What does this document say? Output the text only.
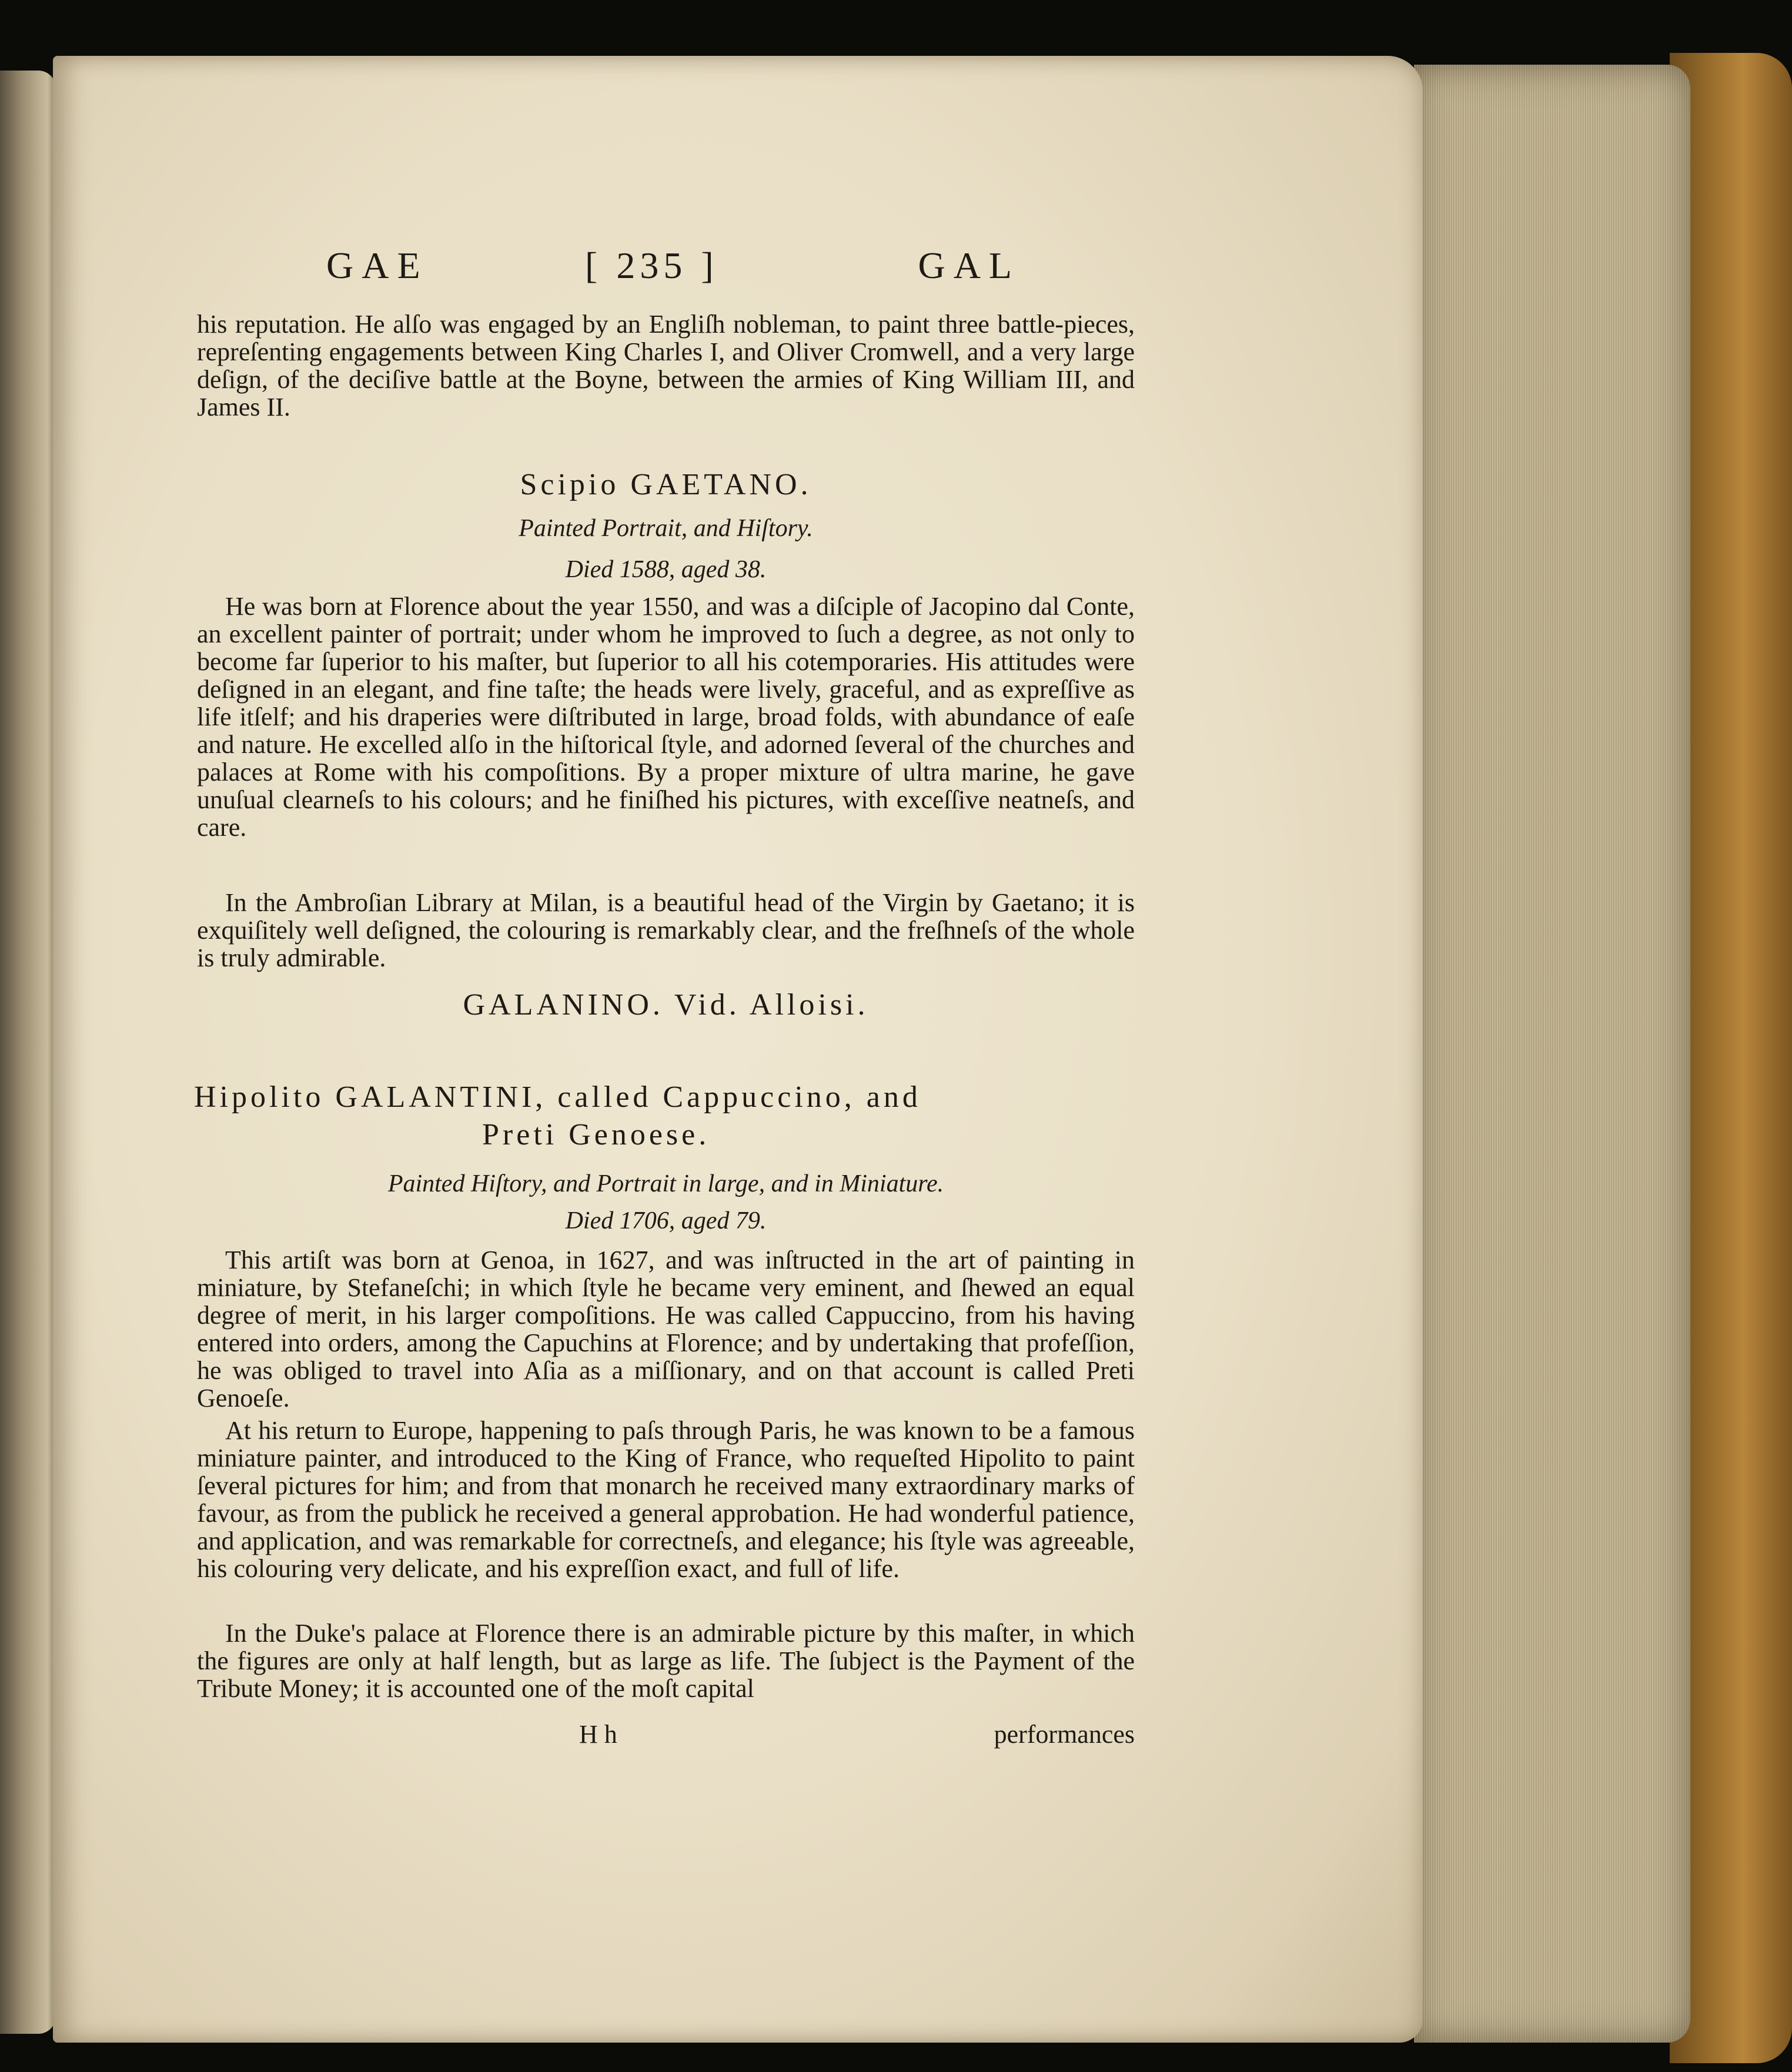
GAE	[ 235 ]	GAL
his reputation. He alſo was engaged by an Engliſh nobleman, to paint three battle-pieces, repreſenting engagements between King Charles I, and Oliver Cromwell, and a very large deſign, of the deciſive battle at the Boyne, between the armies of King William III, and James II.
Scipio GAETANO.
Painted Portrait, and Hiſtory.
Died 1588, aged 38.
He was born at Florence about the year 1550, and was a diſciple of Jacopino dal Conte, an excellent painter of portrait; under whom he improved to ſuch a degree, as not only to become far ſuperior to his maſter, but ſuperior to all his cotemporaries. His attitudes were deſigned in an elegant, and fine taſte; the heads were lively, graceful, and as expreſſive as life itſelf; and his draperies were diſtributed in large, broad folds, with abundance of eaſe and nature. He excelled alſo in the hiſtorical ſtyle, and adorned ſeveral of the churches and palaces at Rome with his compoſitions. By a proper mixture of ultra marine, he gave unuſual clearneſs to his colours; and he finiſhed his pictures, with exceſſive neatneſs, and care.
In the Ambroſian Library at Milan, is a beautiful head of the Virgin by Gaetano; it is exquiſitely well deſigned, the colouring is remarkably clear, and the freſhneſs of the whole is truly admirable.
GALANINO. Vid. Alloisi.
Hipolito GALANTINI, called Cappuccino, and
Preti Genoese.
Painted Hiſtory, and Portrait in large, and in Miniature.
Died 1706, aged 79.
This artiſt was born at Genoa, in 1627, and was inſtructed in the art of painting in miniature, by Stefaneſchi; in which ſtyle he became very eminent, and ſhewed an equal degree of merit, in his larger compoſitions. He was called Cappuccino, from his having entered into orders, among the Capuchins at Florence; and by undertaking that profeſſion, he was obliged to travel into Aſia as a miſſionary, and on that account is called Preti Genoeſe.
At his return to Europe, happening to paſs through Paris, he was known to be a famous miniature painter, and introduced to the King of France, who requeſted Hipolito to paint ſeveral pictures for him; and from that monarch he received many extraordinary marks of favour, as from the publick he received a general approbation. He had wonderful patience, and application, and was remarkable for correctneſs, and elegance; his ſtyle was agreeable, his colouring very delicate, and his expreſſion exact, and full of life.
In the Duke's palace at Florence there is an admirable picture by this maſter, in which the figures are only at half length, but as large as life. The ſubject is the Payment of the Tribute Money; it is accounted one of the moſt capital
H h	performances
